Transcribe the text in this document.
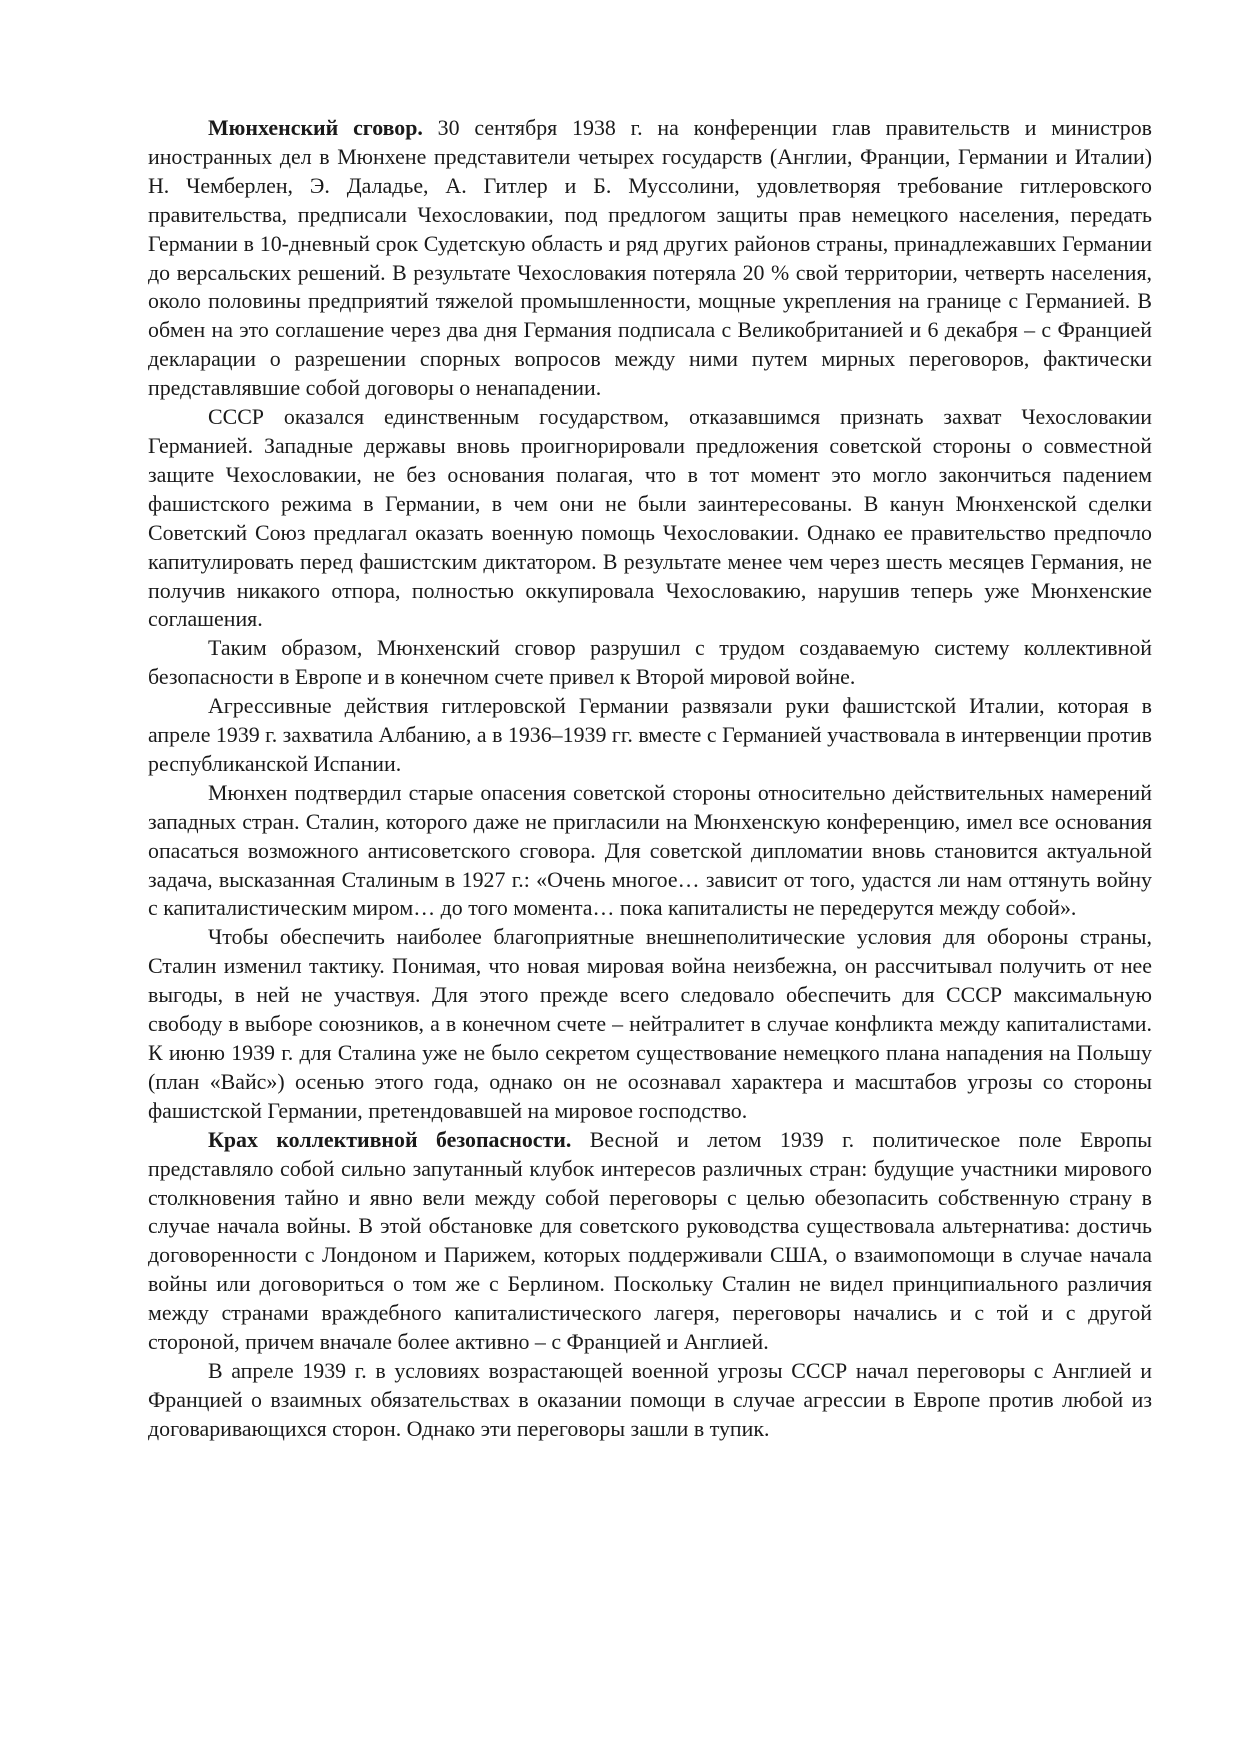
Мюнхенский сговор. 30 сентября 1938 г. на конференции глав правительств и министров иностранных дел в Мюнхене представители четырех государств (Англии, Франции, Германии и Италии) Н. Чемберлен, Э. Даладье, А. Гитлер и Б. Муссолини, удовлетворяя требование гитлеровского правительства, предписали Чехословакии, под предлогом защиты прав немецкого населения, передать Германии в 10-дневный срок Судетскую область и ряд других районов страны, принадлежавших Германии до версальских решений. В результате Чехословакия потеряла 20 % свой территории, четверть населения, около половины предприятий тяжелой промышленности, мощные укрепления на границе с Германией. В обмен на это соглашение через два дня Германия подписала с Великобританией и 6 декабря – с Францией декларации о разрешении спорных вопросов между ними путем мирных переговоров, фактически представлявшие собой договоры о ненападении.

СССР оказался единственным государством, отказавшимся признать захват Чехословакии Германией. Западные державы вновь проигнорировали предложения советской стороны о совместной защите Чехословакии, не без основания полагая, что в тот момент это могло закончиться падением фашистского режима в Германии, в чем они не были заинтересованы. В канун Мюнхенской сделки Советский Союз предлагал оказать военную помощь Чехословакии. Однако ее правительство предпочло капитулировать перед фашистским диктатором. В результате менее чем через шесть месяцев Германия, не получив никакого отпора, полностью оккупировала Чехословакию, нарушив теперь уже Мюнхенские соглашения.

Таким образом, Мюнхенский сговор разрушил с трудом создаваемую систему коллективной безопасности в Европе и в конечном счете привел к Второй мировой войне.

Агрессивные действия гитлеровской Германии развязали руки фашистской Италии, которая в апреле 1939 г. захватила Албанию, а в 1936–1939 гг. вместе с Германией участвовала в интервенции против республиканской Испании.

Мюнхен подтвердил старые опасения советской стороны относительно действительных намерений западных стран. Сталин, которого даже не пригласили на Мюнхенскую конференцию, имел все основания опасаться возможного антисоветского сговора. Для советской дипломатии вновь становится актуальной задача, высказанная Сталиным в 1927 г.: «Очень многое… зависит от того, удастся ли нам оттянуть войну с капиталистическим миром… до того момента… пока капиталисты не передерутся между собой».

Чтобы обеспечить наиболее благоприятные внешнеполитические условия для обороны страны, Сталин изменил тактику. Понимая, что новая мировая война неизбежна, он рассчитывал получить от нее выгоды, в ней не участвуя. Для этого прежде всего следовало обеспечить для СССР максимальную свободу в выборе союзников, а в конечном счете – нейтралитет в случае конфликта между капиталистами. К июню 1939 г. для Сталина уже не было секретом существование немецкого плана нападения на Польшу (план «Вайс») осенью этого года, однако он не осознавал характера и масштабов угрозы со стороны фашистской Германии, претендовавшей на мировое господство.

Крах коллективной безопасности. Весной и летом 1939 г. политическое поле Европы представляло собой сильно запутанный клубок интересов различных стран: будущие участники мирового столкновения тайно и явно вели между собой переговоры с целью обезопасить собственную страну в случае начала войны. В этой обстановке для советского руководства существовала альтернатива: достичь договоренности с Лондоном и Парижем, которых поддерживали США, о взаимопомощи в случае начала войны или договориться о том же с Берлином. Поскольку Сталин не видел принципиального различия между странами враждебного капиталистического лагеря, переговоры начались и с той и с другой стороной, причем вначале более активно – с Францией и Англией.

В апреле 1939 г. в условиях возрастающей военной угрозы СССР начал переговоры с Англией и Францией о взаимных обязательствах в оказании помощи в случае агрессии в Европе против любой из договаривающихся сторон. Однако эти переговоры зашли в тупик.
